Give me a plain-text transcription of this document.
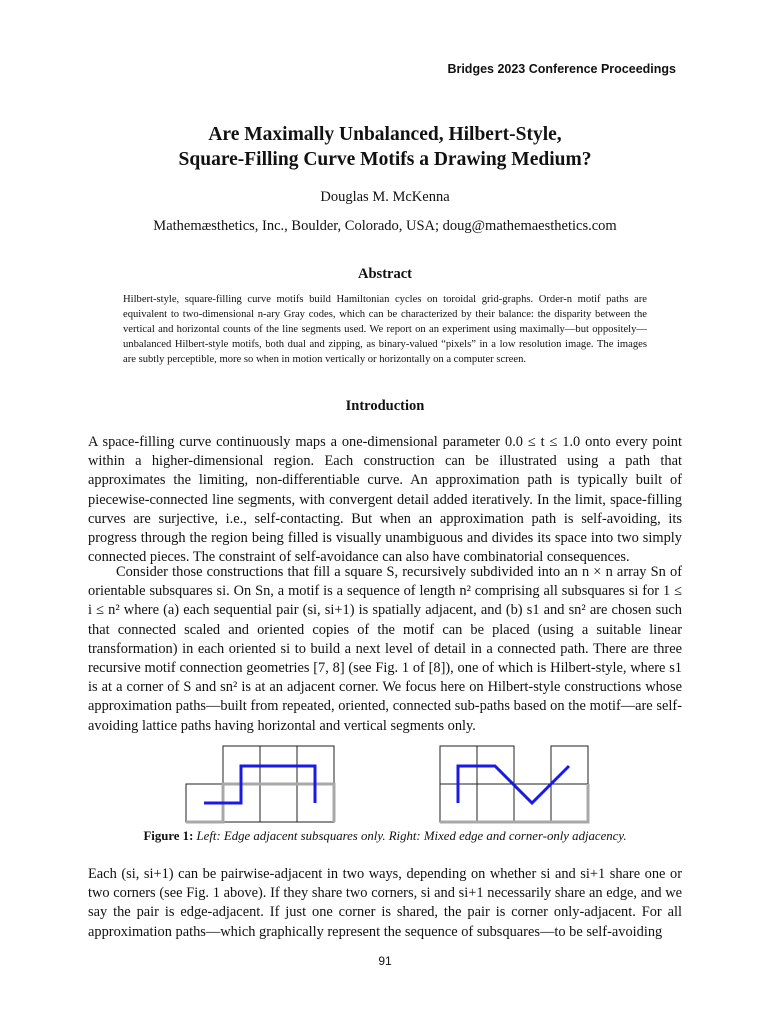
Bridges 2023 Conference Proceedings
Are Maximally Unbalanced, Hilbert-Style,
Square-Filling Curve Motifs a Drawing Medium?
Douglas M. McKenna
Mathemæsthetics, Inc., Boulder, Colorado, USA; doug@mathemaesthetics.com
Abstract
Hilbert-style, square-filling curve motifs build Hamiltonian cycles on toroidal grid-graphs. Order-n motif paths are equivalent to two-dimensional n-ary Gray codes, which can be characterized by their balance: the disparity between the vertical and horizontal counts of the line segments used. We report on an experiment using maximally—but oppositely—unbalanced Hilbert-style motifs, both dual and zipping, as binary-valued “pixels” in a low resolution image. The images are subtly perceptible, more so when in motion vertically or horizontally on a computer screen.
Introduction

A space-filling curve continuously maps a one-dimensional parameter 0.0 ≤ t ≤ 1.0 onto every point within a higher-dimensional region. Each construction can be illustrated using a path that approximates the limiting, non-differentiable curve. An approximation path is typically built of piecewise-connected line segments, with convergent detail added iteratively. In the limit, space-filling curves are surjective, i.e., self-contacting. But when an approximation path is self-avoiding, its progress through the region being filled is visually unambiguous and divides its space into two simply connected pieces. The constraint of self-avoidance can also have combinatorial consequences.

Consider those constructions that fill a square S, recursively subdivided into an n × n array Sn of orientable subsquares si. On Sn, a motif is a sequence of length n² comprising all subsquares si for 1 ≤ i ≤ n² where (a) each sequential pair (si, si+1) is spatially adjacent, and (b) s1 and sn² are chosen such that connected scaled and oriented copies of the motif can be placed (using a suitable linear transformation) in each oriented si to build a next level of detail in a connected path. There are three recursive motif connection geometries [7, 8] (see Fig. 1 of [8]), one of which is Hilbert-style, where s1 is at a corner of S and sn² is at an adjacent corner. We focus here on Hilbert-style constructions whose approximation paths—built from repeated, oriented, connected sub-paths based on the motif—are self-avoiding lattice paths having horizontal and vertical segments only.

Figure 1: Left: Edge adjacent subsquares only. Right: Mixed edge and corner-only adjacency.

Each (si, si+1) can be pairwise-adjacent in two ways, depending on whether si and si+1 share one or two corners (see Fig. 1 above). If they share two corners, si and si+1 necessarily share an edge, and we say the pair is edge-adjacent. If just one corner is shared, the pair is corner only-adjacent. For all approximation paths—which graphically represent the sequence of subsquares—to be self-avoiding

91
